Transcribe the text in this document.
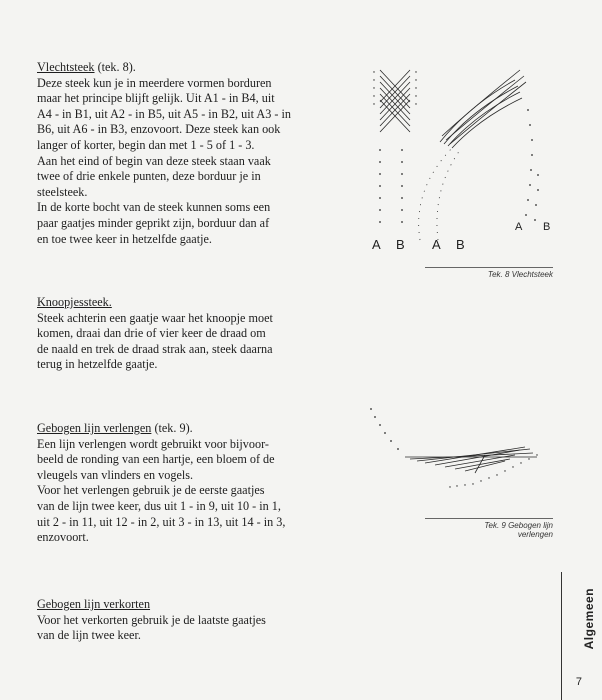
Vlechtsteek (tek. 8).
Deze steek kun je in meerdere vormen borduren
maar het principe blijft gelijk. Uit A1 - in B4, uit
A4 - in B1, uit A2 - in B5, uit A5 - in B2, uit A3 - in
B6, uit A6 - in B3, enzovoort. Deze steek kan ook
langer of korter, begin dan met 1 - 5 of 1 - 3.
Aan het eind of begin van deze steek staan vaak
twee of drie enkele punten, deze borduur je in
steelsteek.
In de korte bocht van de steek kunnen soms een
paar gaatjes minder geprikt zijn, borduur dan af
en toe twee keer in hetzelfde gaatje.
Knoopjessteek.
Steek achterin een gaatje waar het knoopje moet
komen, draai dan drie of vier keer de draad om
de naald en trek de draad strak aan, steek daarna
terug in hetzelfde gaatje.
Gebogen lijn verlengen (tek. 9).
Een lijn verlengen wordt gebruikt voor bijvoor-
beeld de ronding van een hartje, een bloem of de
vleugels van vlinders en vogels.
Voor het verlengen gebruik je de eerste gaatjes
van de lijn twee keer, dus uit 1 - in 9, uit 10 - in 1,
uit 2 - in 11, uit 12 - in 2, uit 3 - in 13, uit 14 - in 3,
enzovoort.
Gebogen lijn verkorten
Voor het verkorten gebruik je de laatste gaatjes
van de lijn twee keer.
A B A B
A B
Tek. 8 Vlechtsteek
Tek. 9 Gebogen lijn
verlengen
Algemeen
7
